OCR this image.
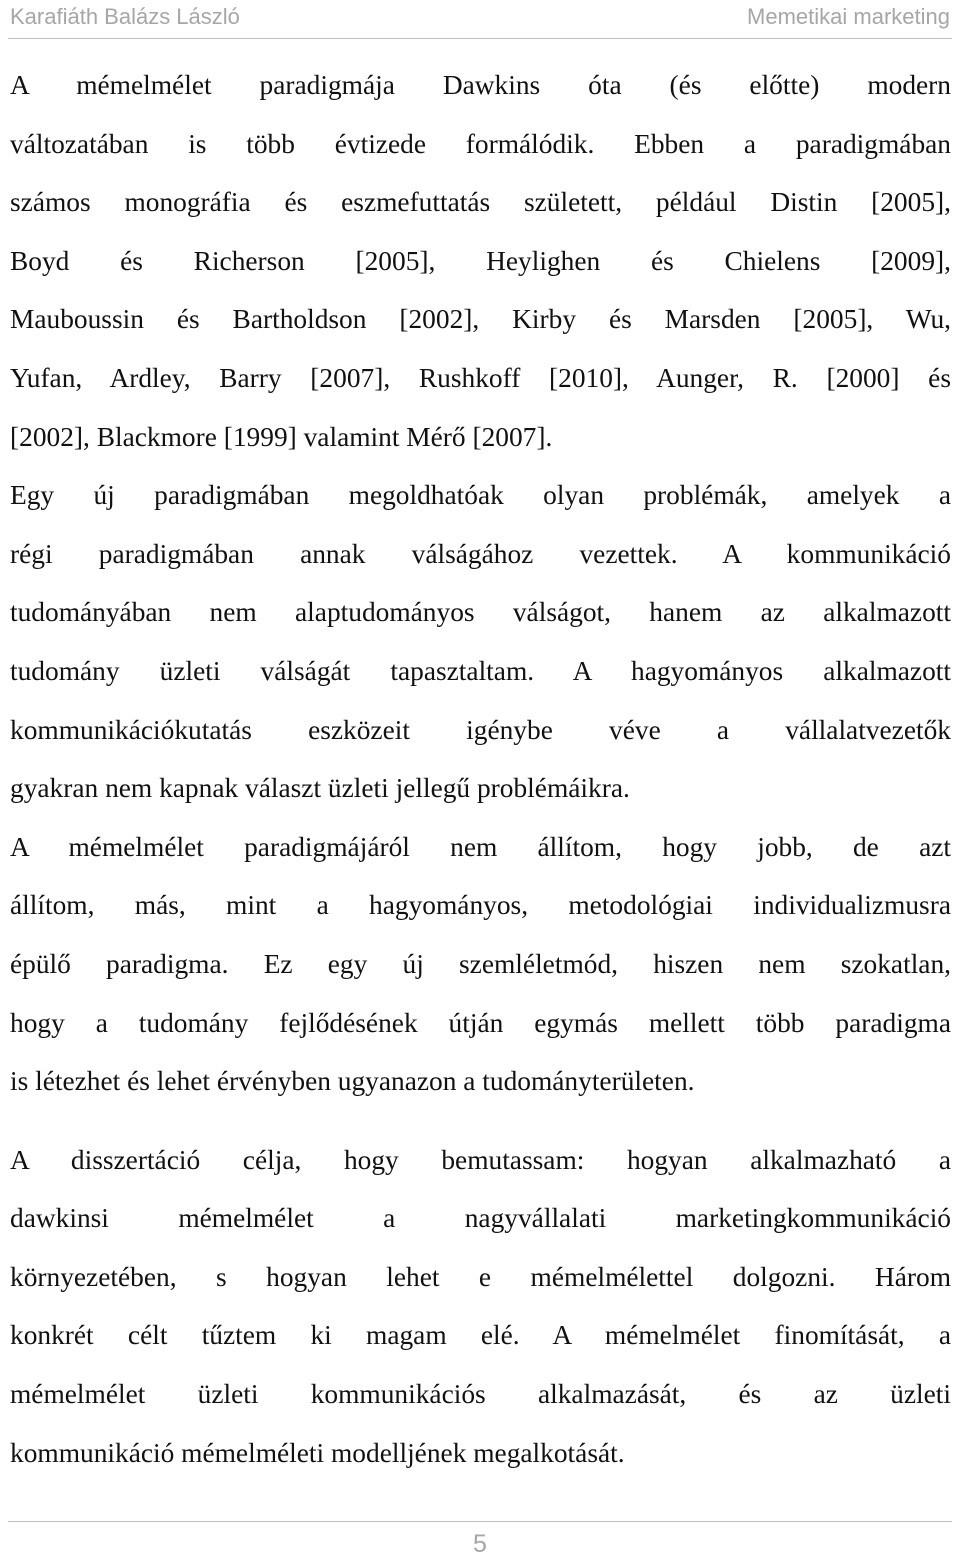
Karafiáth Balázs László	Memetikai marketing
A mémelmélet paradigmája Dawkins óta (és előtte) modern
változatában is több évtizede formálódik. Ebben a paradigmában
számos monográfia és eszmefuttatás született, például Distin [2005],
Boyd és Richerson [2005], Heylighen és Chielens [2009],
Mauboussin és Bartholdson [2002], Kirby és Marsden [2005], Wu,
Yufan, Ardley, Barry [2007], Rushkoff [2010], Aunger, R. [2000] és
[2002], Blackmore [1999] valamint Mérő [2007].
Egy új paradigmában megoldhatóak olyan problémák, amelyek a
régi paradigmában annak válságához vezettek. A kommunikáció
tudományában nem alaptudományos válságot, hanem az alkalmazott
tudomány üzleti válságát tapasztaltam. A hagyományos alkalmazott
kommunikációkutatás eszközeit igénybe véve a vállalatvezetők
gyakran nem kapnak választ üzleti jellegű problémáikra.
A mémelmélet paradigmájáról nem állítom, hogy jobb, de azt
állítom, más, mint a hagyományos, metodológiai individualizmusra
épülő paradigma. Ez egy új szemléletmód, hiszen nem szokatlan,
hogy a tudomány fejlődésének útján egymás mellett több paradigma
is létezhet és lehet érvényben ugyanazon a tudományterületen.
A disszertáció célja, hogy bemutassam: hogyan alkalmazható a
dawkinsi mémelmélet a nagyvállalati marketingkommunikáció
környezetében, s hogyan lehet e mémelmélettel dolgozni. Három
konkrét célt tűztem ki magam elé. A mémelmélet finomítását, a
mémelmélet üzleti kommunikációs alkalmazását, és az üzleti
kommunikáció mémelméleti modelljének megalkotását.
5
